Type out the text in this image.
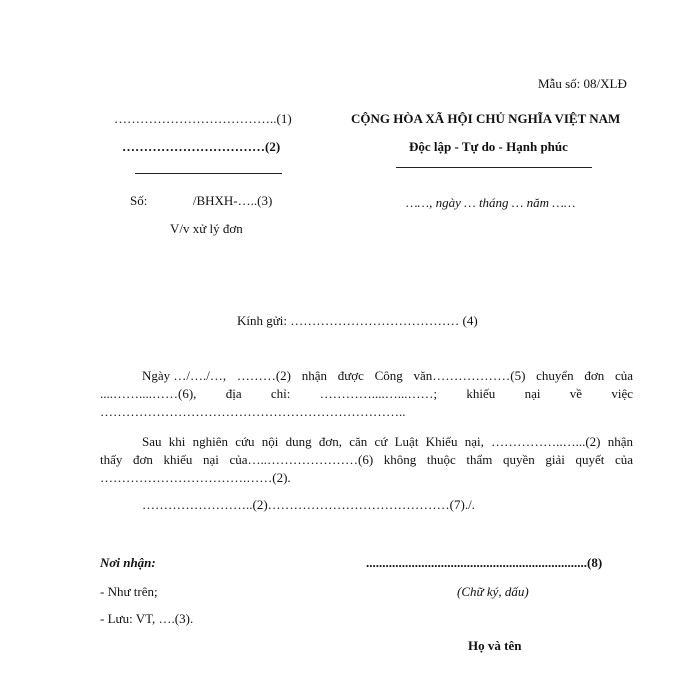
Mẫu số: 08/XLĐ
………………………………..(1)
……………………………(2)
Số:              /BHXH-…..(3)
V/v xử lý đơn
CỘNG HÒA XÃ HỘI CHỦ NGHĨA VIỆT NAM
Độc lập - Tự do - Hạnh phúc
……, ngày … tháng … năm ……
Kính gửi: ………………………………… (4)
Ngày …/…./…, ………(2) nhận được Công văn………………(5) chuyển đơn của
....……....……(6), địa chỉ: …………....…...……; khiếu nại về việc
……………………………………………………………..
Sau khi nghiên cứu nội dung đơn, căn cứ Luật Khiếu nại, ……………..…...(2) nhận
thấy đơn khiếu nại của…..…………………(6) không thuộc thẩm quyền giải quyết của
…………………………….……(2).
……………………..(2)……………………………………(7)./.
Nơi nhận:
- Như trên;
- Lưu: VT, ….(3).
....................................................................(8)
(Chữ ký, dấu)
Họ và tên
